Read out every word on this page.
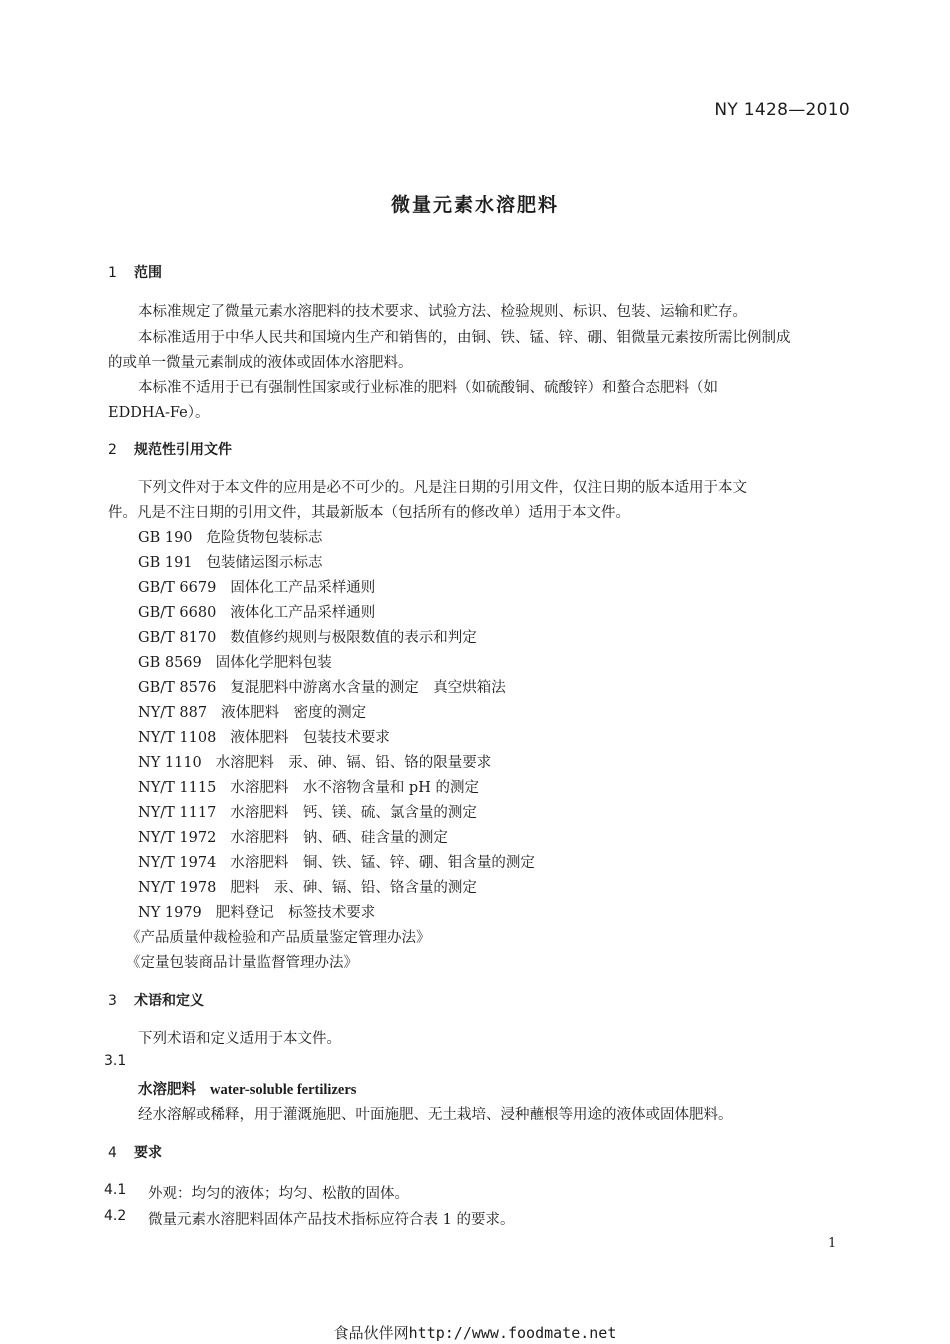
NY 1428—2010
微量元素水溶肥料
1 范围
本标准规定了微量元素水溶肥料的技术要求、试验方法、检验规则、标识、包装、运输和贮存。
本标准适用于中华人民共和国境内生产和销售的，由铜、铁、锰、锌、硼、钼微量元素按所需比例制成
的或单一微量元素制成的液体或固体水溶肥料。
本标准不适用于已有强制性国家或行业标准的肥料（如硫酸铜、硫酸锌）和螯合态肥料（如
EDDHA-Fe）。
2 规范性引用文件
下列文件对于本文件的应用是必不可少的。凡是注日期的引用文件，仅注日期的版本适用于本文
件。凡是不注日期的引用文件，其最新版本（包括所有的修改单）适用于本文件。
GB 190 危险货物包装标志
GB 191 包装储运图示标志
GB/T 6679 固体化工产品采样通则
GB/T 6680 液体化工产品采样通则
GB/T 8170 数值修约规则与极限数值的表示和判定
GB 8569 固体化学肥料包装
GB/T 8576 复混肥料中游离水含量的测定　真空烘箱法
NY/T 887 液体肥料　密度的测定
NY/T 1108 液体肥料　包装技术要求
NY 1110 水溶肥料　汞、砷、镉、铅、铬的限量要求
NY/T 1115 水溶肥料　水不溶物含量和 pH 的测定
NY/T 1117 水溶肥料　钙、镁、硫、氯含量的测定
NY/T 1972 水溶肥料　钠、硒、硅含量的测定
NY/T 1974 水溶肥料　铜、铁、锰、锌、硼、钼含量的测定
NY/T 1978 肥料　汞、砷、镉、铅、铬含量的测定
NY 1979 肥料登记　标签技术要求
《产品质量仲裁检验和产品质量鉴定管理办法》
《定量包装商品计量监督管理办法》
3 术语和定义
下列术语和定义适用于本文件。
3.1
水溶肥料 water-soluble fertilizers
经水溶解或稀释，用于灌溉施肥、叶面施肥、无土栽培、浸种蘸根等用途的液体或固体肥料。
4 要求
4.1 外观：均匀的液体；均匀、松散的固体。
4.2 微量元素水溶肥料固体产品技术指标应符合表 1 的要求。
1
食品伙伴网http://www.foodmate.net
